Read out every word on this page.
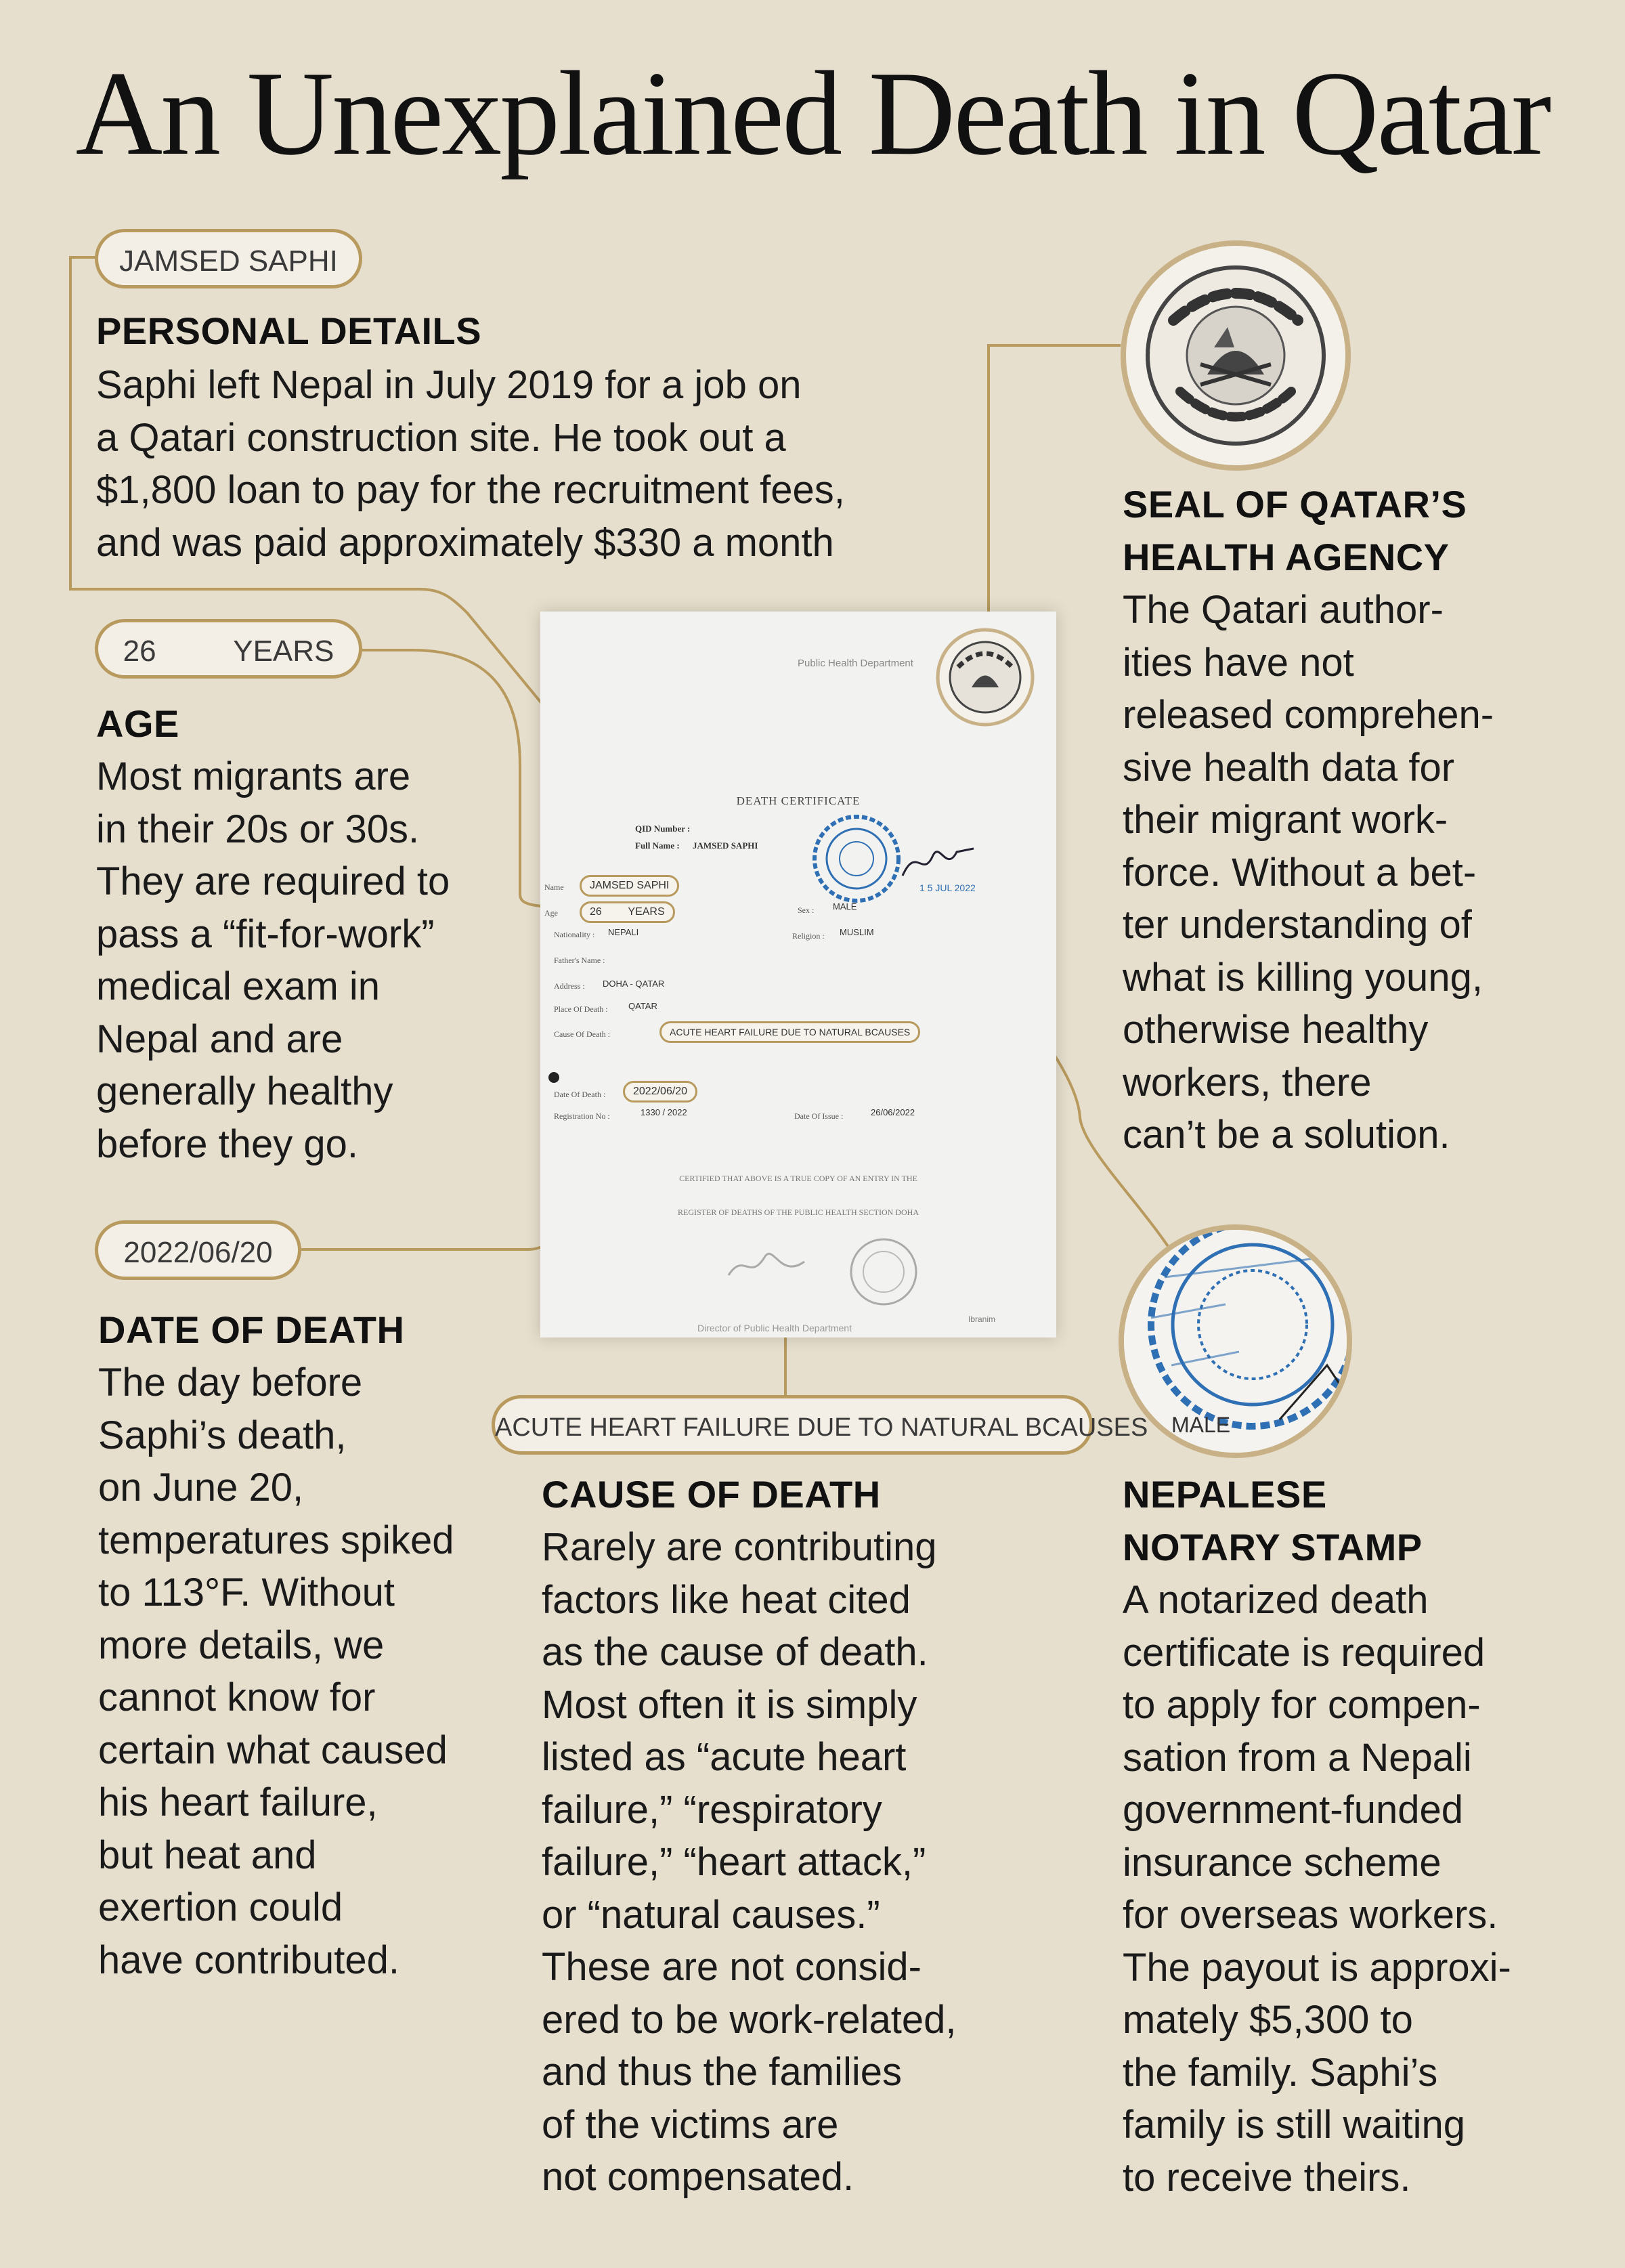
An Unexplained Death in Qatar
JAMSED SAPHI
PERSONAL DETAILS
Saphi left Nepal in July 2019 for a job on
a Qatari construction site. He took out a
$1,800 loan to pay for the recruitment fees,
and was paid approximately $330 a month
26	YEARS
AGE
Most migrants are
in their 20s or 30s.
They are required to
pass a “fit-for-work”
medical exam in
Nepal and are
generally healthy
before they go.
2022/06/20
DATE OF DEATH
The day before
Saphi’s death,
on June 20,
temperatures spiked
to 113°F. Without
more details, we
cannot know for
certain what caused
his heart failure,
but heat and
exertion could
have contributed.
ACUTE HEART FAILURE DUE TO NATURAL BCAUSES
CAUSE OF DEATH
Rarely are contributing
factors like heat cited
as the cause of death.
Most often it is simply
listed as “acute heart
failure,” “respiratory
failure,” “heart attack,”
or “natural causes.”
These are not consid-
ered to be work-related,
and thus the families
of the victims are
not compensated.
SEAL OF QATAR’S
HEALTH AGENCY
The Qatari author-
ities have not
released comprehen-
sive health data for
their migrant work-
force. Without a bet-
ter understanding of
what is killing young,
otherwise healthy
workers, there
can’t be a solution.
MALE
NEPALESE
NOTARY STAMP
A notarized death
certificate is required
to apply for compen-
sation from a Nepali
government-funded
insurance scheme
for overseas workers.
The payout is approxi-
mately $5,300 to
the family. Saphi’s
family is still waiting
to receive theirs.
Public Health Department
DEATH CERTIFICATE
QID Number :
Full Name : JAMSED SAPHI
1 5 JUL 2022
Name	JAMSED SAPHI
Age	26 YEARS	Sex : MALE
Nationality : NEPALI	Religion : MUSLIM
Father's Name :
Address : DOHA - QATAR
Place Of Death : QATAR
Cause Of Death :	ACUTE HEART FAILURE DUE TO NATURAL BCAUSES
Date Of Death :	2022/06/20
Registration No :	1330 / 2022	Date Of Issue :	26/06/2022
CERTIFIED THAT ABOVE IS A TRUE COPY OF AN ENTRY IN THE
REGISTER OF DEATHS OF THE PUBLIC HEALTH SECTION DOHA
Director of Public Health Department
Ibranim
